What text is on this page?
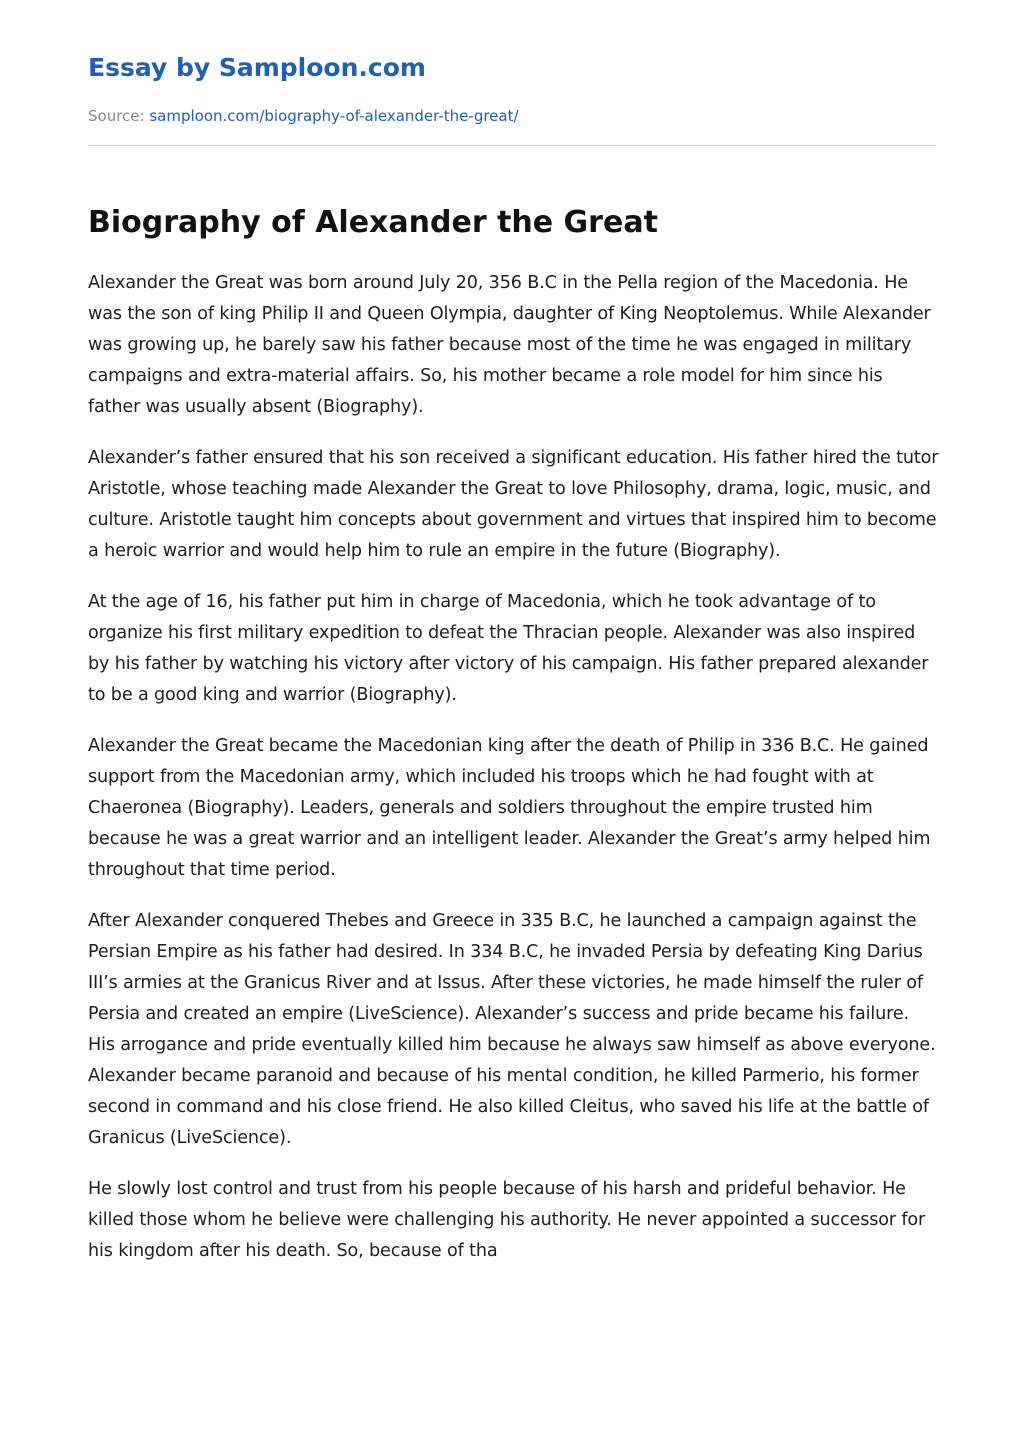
Essay by Samploon.com
Source: samploon.com/biography-of-alexander-the-great/
Biography of Alexander the Great

Alexander the Great was born around July 20, 356 B.C in the Pella region of the Macedonia. He was the son of king Philip II and Queen Olympia, daughter of King Neoptolemus. While Alexander was growing up, he barely saw his father because most of the time he was engaged in military campaigns and extra-material affairs. So, his mother became a role model for him since his father was usually absent (Biography).

Alexander’s father ensured that his son received a significant education. His father hired the tutor Aristotle, whose teaching made Alexander the Great to love Philosophy, drama, logic, music, and culture. Aristotle taught him concepts about government and virtues that inspired him to become a heroic warrior and would help him to rule an empire in the future (Biography).

At the age of 16, his father put him in charge of Macedonia, which he took advantage of to organize his first military expedition to defeat the Thracian people. Alexander was also inspired by his father by watching his victory after victory of his campaign. His father prepared alexander to be a good king and warrior (Biography).

Alexander the Great became the Macedonian king after the death of Philip in 336 B.C. He gained support from the Macedonian army, which included his troops which he had fought with at Chaeronea (Biography). Leaders, generals and soldiers throughout the empire trusted him because he was a great warrior and an intelligent leader. Alexander the Great’s army helped him throughout that time period.

After Alexander conquered Thebes and Greece in 335 B.C, he launched a campaign against the Persian Empire as his father had desired. In 334 B.C, he invaded Persia by defeating King Darius III’s armies at the Granicus River and at Issus. After these victories, he made himself the ruler of Persia and created an empire (LiveScience). Alexander’s success and pride became his failure. His arrogance and pride eventually killed him because he always saw himself as above everyone. Alexander became paranoid and because of his mental condition, he killed Parmerio, his former second in command and his close friend. He also killed Cleitus, who saved his life at the battle of Granicus (LiveScience).

He slowly lost control and trust from his people because of his harsh and prideful behavior. He killed those whom he believe were challenging his authority. He never appointed a successor for his kingdom after his death. So, because of tha
